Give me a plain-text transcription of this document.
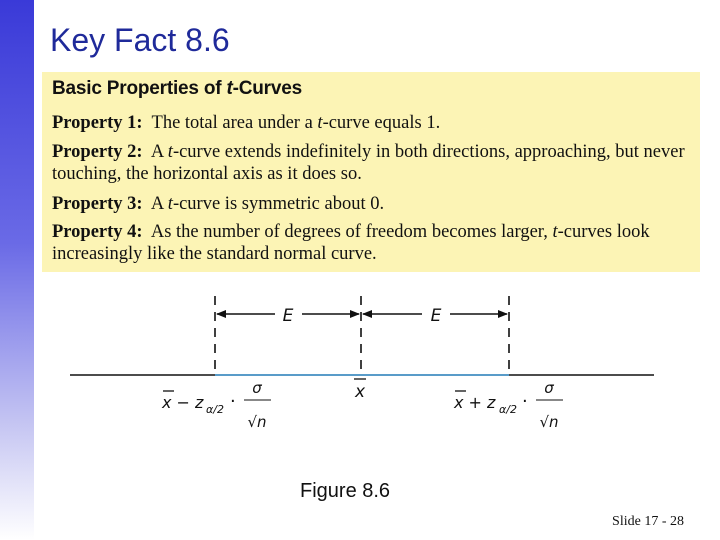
Key Fact 8.6
Basic Properties of t-Curves
Property 1: The total area under a t-curve equals 1.
Property 2: A t-curve extends indefinitely in both directions, approaching, but never touching, the horizontal axis as it does so.
Property 3: A t-curve is symmetric about 0.
Property 4: As the number of degrees of freedom becomes larger, t-curves look increasingly like the standard normal curve.
E	E
x
x − z α/2 ·
σ
√n
x + z α/2 ·
σ
√n
Figure 8.6
Slide 17 - 28
